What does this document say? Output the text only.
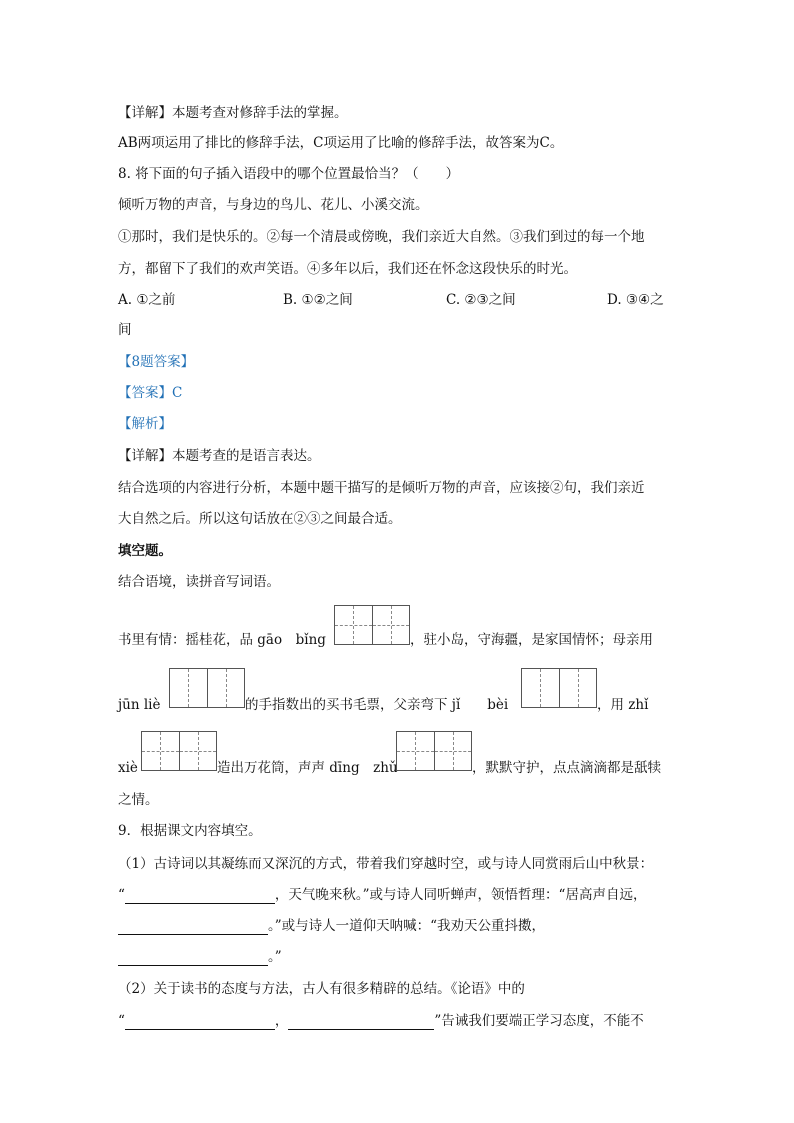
【详解】本题考查对修辞手法的掌握。
AB两项运用了排比的修辞手法，C项运用了比喻的修辞手法，故答案为C。
8. 将下面的句子插入语段中的哪个位置最恰当？（　　）
倾听万物的声音，与身边的鸟儿、花儿、小溪交流。
①那时，我们是快乐的。②每一个清晨或傍晚，我们亲近大自然。③我们到过的每一个地
方，都留下了我们的欢声笑语。④多年以后，我们还在怀念这段快乐的时光。
A. ①之前	B. ①②之间	C. ②③之间	D. ③④之
间
【8题答案】
【答案】C
【解析】
【详解】本题考查的是语言表达。
结合选项的内容进行分析，本题中题干描写的是倾听万物的声音，应该接②句，我们亲近
大自然之后。所以这句话放在②③之间最合适。
填空题。
结合语境，读拼音写词语。
书里有情：摇桂花，品 gāo　bǐng	，驻小岛，守海疆，是家国情怀；母亲用
jūn liè	的手指数出的买书毛票，父亲弯下 jǐ　　bèi	，用 zhǐ
xiè	造出万花筒，声声 dīng　zhǔ	，默默守护，点点滴滴都是舐犊
之情。
9．根据课文内容填空。
（1）古诗词以其凝练而又深沉的方式，带着我们穿越时空，或与诗人同赏雨后山中秋景：
“	，天气晚来秋。”或与诗人同听蝉声，领悟哲理：“居高声自远，
。”或与诗人一道仰天呐喊：“我劝天公重抖擞，
。”
（2）关于读书的态度与方法，古人有很多精辟的总结。《论语》中的
“	，	”告诫我们要端正学习态度，不能不
